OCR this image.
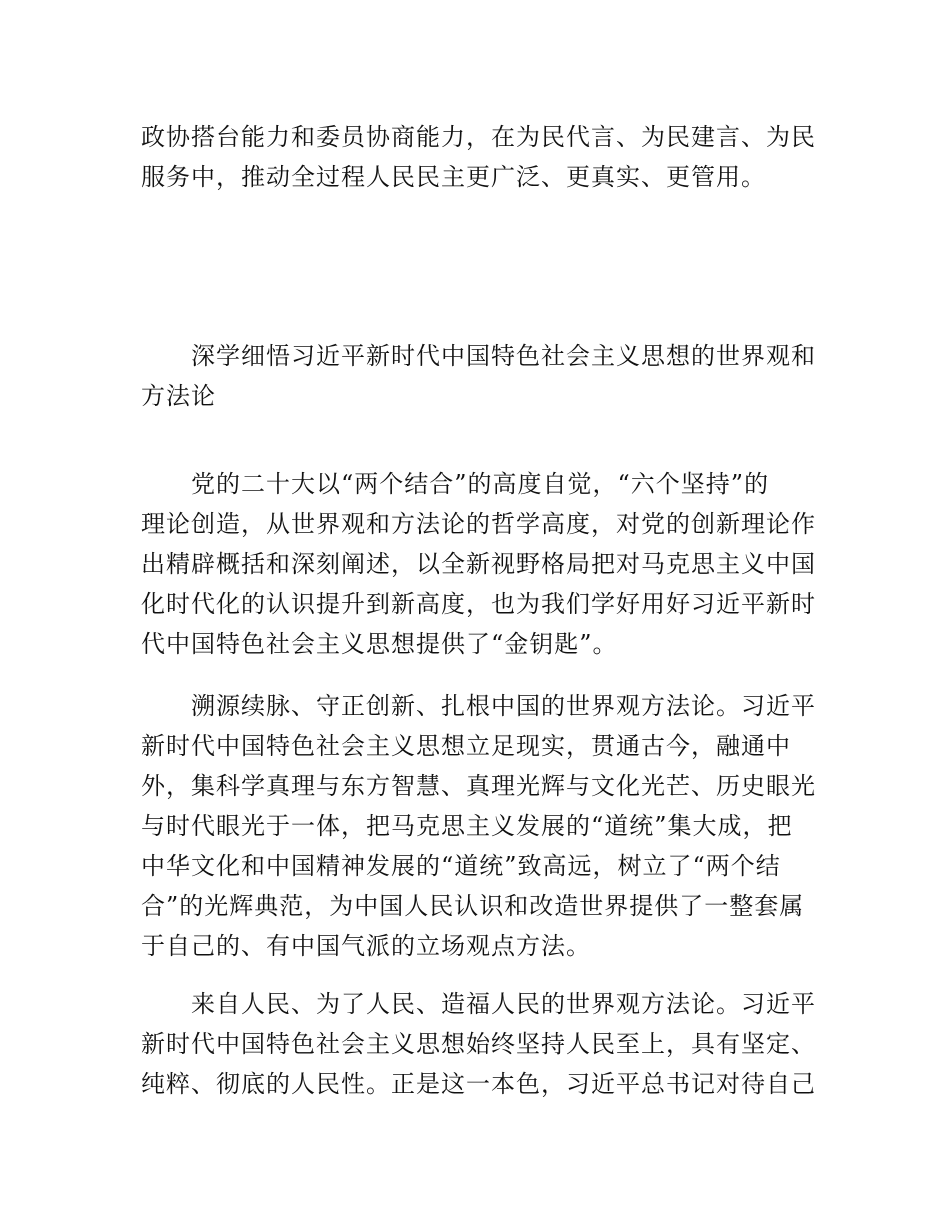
政协搭台能力和委员协商能力，在为民代言、为民建言、为民
服务中，推动全过程人民民主更广泛、更真实、更管用。
深学细悟习近平新时代中国特色社会主义思想的世界观和
方法论
党的二十大以“两个结合”的高度自觉，“六个坚持”的
理论创造，从世界观和方法论的哲学高度，对党的创新理论作
出精辟概括和深刻阐述，以全新视野格局把对马克思主义中国
化时代化的认识提升到新高度，也为我们学好用好习近平新时
代中国特色社会主义思想提供了“金钥匙”。
溯源续脉、守正创新、扎根中国的世界观方法论。习近平
新时代中国特色社会主义思想立足现实，贯通古今，融通中
外，集科学真理与东方智慧、真理光辉与文化光芒、历史眼光
与时代眼光于一体，把马克思主义发展的“道统”集大成，把
中华文化和中国精神发展的“道统”致高远，树立了“两个结
合”的光辉典范，为中国人民认识和改造世界提供了一整套属
于自己的、有中国气派的立场观点方法。
来自人民、为了人民、造福人民的世界观方法论。习近平
新时代中国特色社会主义思想始终坚持人民至上，具有坚定、
纯粹、彻底的人民性。正是这一本色，习近平总书记对待自己
